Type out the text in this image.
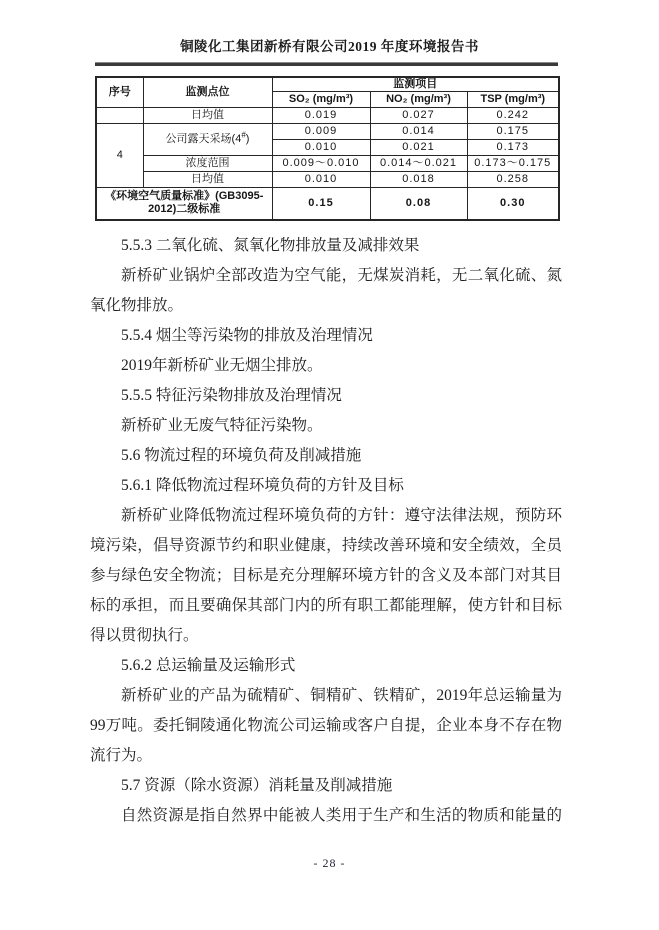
铜陵化工集团新桥有限公司2019 年度环境报告书
序号	监测点位	监测项目		
		SO₂ (mg/m³)	NO₂ (mg/m³)	TSP (mg/m³)
	日均值	0.019	0.027	0.242
4	公司露天采场(4#)	0.009	0.014	0.175
		0.010	0.021	0.173
	浓度范围	0.009～0.010	0.014～0.021	0.173～0.175
	日均值	0.010	0.018	0.258
《环境空气质量标准》(GB3095-2012)二级标准		0.15	0.08	0.30
5.5.3 二氧化硫、氮氧化物排放量及减排效果
新桥矿业锅炉全部改造为空气能，无煤炭消耗，无二氧化硫、氮
氧化物排放。
5.5.4 烟尘等污染物的排放及治理情况
2019年新桥矿业无烟尘排放。
5.5.5 特征污染物排放及治理情况
新桥矿业无废气特征污染物。
5.6 物流过程的环境负荷及削减措施
5.6.1 降低物流过程环境负荷的方针及目标
新桥矿业降低物流过程环境负荷的方针：遵守法律法规，预防环
境污染，倡导资源节约和职业健康，持续改善环境和安全绩效，全员
参与绿色安全物流；目标是充分理解环境方针的含义及本部门对其目
标的承担，而且要确保其部门内的所有职工都能理解，使方针和目标
得以贯彻执行。
5.6.2 总运输量及运输形式
新桥矿业的产品为硫精矿、铜精矿、铁精矿，2019年总运输量为
99万吨。委托铜陵通化物流公司运输或客户自提，企业本身不存在物
流行为。
5.7 资源（除水资源）消耗量及削减措施
自然资源是指自然界中能被人类用于生产和生活的物质和能量的
- 28 -
